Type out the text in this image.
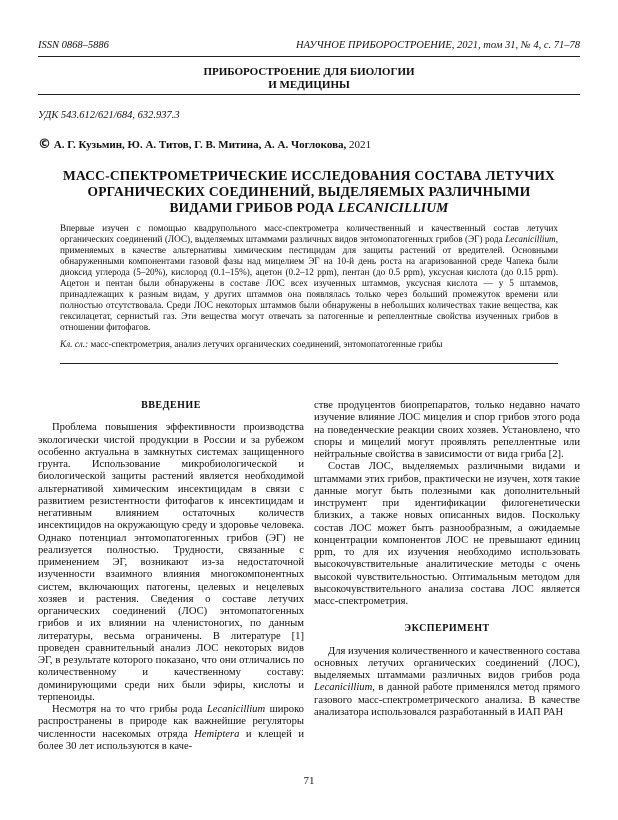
ISSN 0868–5886	НАУЧНОЕ ПРИБОРОСТРОЕНИЕ, 2021, том 31, № 4, c. 71–78
ПРИБОРОСТРОЕНИЕ ДЛЯ БИОЛОГИИ
И МЕДИЦИНЫ
УДК 543.612/621/684, 632.937.3
© А. Г. Кузьмин, Ю. А. Титов, Г. В. Митина, А. А. Чоглокова, 2021
МАСС-СПЕКТРОМЕТРИЧЕСКИЕ ИССЛЕДОВАНИЯ СОСТАВА ЛЕТУЧИХ ОРГАНИЧЕСКИХ СОЕДИНЕНИЙ, ВЫДЕЛЯЕМЫХ РАЗЛИЧНЫМИ ВИДАМИ ГРИБОВ РОДА LECANICILLIUM
Впервые изучен с помощью квадрупольного масс-спектрометра количественный и качественный состав летучих органических соединений (ЛОС), выделяемых штаммами различных видов энтомопатогенных грибов (ЭГ) рода Lecanicillium, применяемых в качестве альтернативы химическим пестицидам для защиты растений от вредителей. Основными обнаруженными компонентами газовой фазы над мицелием ЭГ на 10-й день роста на агаризованной среде Чапека были диоксид углерода (5–20%), кислород (0.1–15%), ацетон (0.2–12 ppm), пентан (до 0.5 ppm), уксусная кислота (до 0.15 ppm). Ацетон и пентан были обнаружены в составе ЛОС всех изученных штаммов, уксусная кислота — у 5 штаммов, принадлежащих к разным видам, у других штаммов она появлялась только через больший промежуток времени или полностью отсутствовала. Среди ЛОС некоторых штаммов были обнаружены в небольших количествах такие вещества, как гексилацетат, сернистый газ. Эти вещества могут отвечать за патогенные и репеллентные свойства изученных грибов в отношении фитофагов.
Кл. сл.: масс-спектрометрия, анализ летучих органических соединений, энтомопатогенные грибы
ВВЕДЕНИЕ

Проблема повышения эффективности производства экологически чистой продукции в России и за рубежом особенно актуальна в замкнутых системах защищенного грунта. Использование микробиологической и биологической защиты растений является необходимой альтернативой химическим инсектицидам в связи с развитием резистентности фитофагов к инсектицидам и негативным влиянием остаточных количеств инсектицидов на окружающую среду и здоровье человека. Однако потенциал энтомопатогенных грибов (ЭГ) не реализуется полностью. Трудности, связанные с применением ЭГ, возникают из-за недостаточной изученности взаимного влияния многокомпонентных систем, включающих патогены, целевых и нецелевых хозяев и растения. Сведения о составе летучих органических соединений (ЛОС) энтомопатогенных грибов и их влиянии на членистоногих, по данным литературы, весьма ограничены. В литературе [1] проведен сравнительный анализ ЛОС некоторых видов ЭГ, в результате которого показано, что они отличались по количественному и качественному составу: доминирующими среди них были эфиры, кислоты и терпеноиды.

Несмотря на то что грибы рода Lecanicillium широко распространены в природе как важнейшие регуляторы численности насекомых отряда Hemiptera и клещей и более 30 лет используются в каче-

стве продуцентов биопрепаратов, только недавно начато изучение влияние ЛОС мицелия и спор грибов этого рода на поведенческие реакции своих хозяев. Установлено, что споры и мицелий могут проявлять репеллентные или нейтральные свойства в зависимости от вида гриба [2].

Состав ЛОС, выделяемых различными видами и штаммами этих грибов, практически не изучен, хотя такие данные могут быть полезными как дополнительный инструмент при идентификации филогенетически близких, а также новых описанных видов. Поскольку состав ЛОС может быть разнообразным, а ожидаемые концентрации компонентов ЛОС не превышают единиц ppm, то для их изучения необходимо использовать высокочувствительные аналитические методы с очень высокой чувствительностью. Оптимальным методом для высокочувствительного анализа состава ЛОС является масс-спектрометрия.

ЭКСПЕРИМЕНТ

Для изучения количественного и качественного состава основных летучих органических соединений (ЛОС), выделяемых штаммами различных видов грибов рода Lecanicillium, в данной работе применялся метод прямого газового масс-спектрометрического анализа. В качестве анализатора использовался разработанный в ИАП РАН

71
